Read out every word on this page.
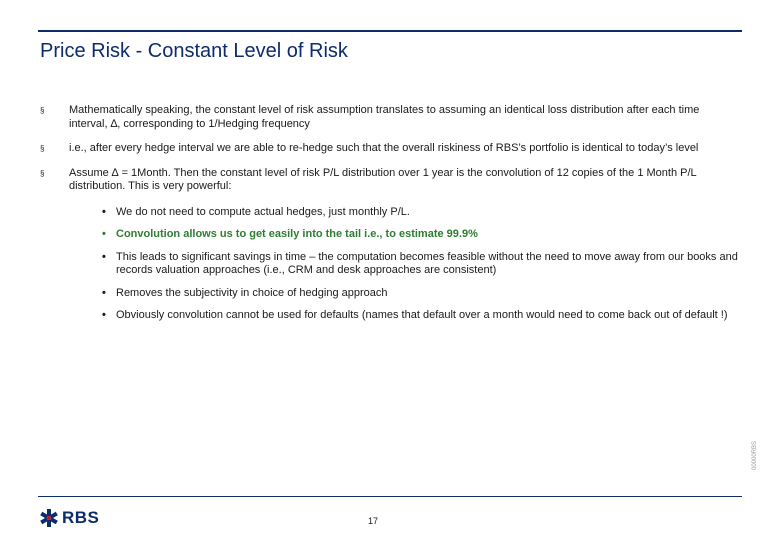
Price Risk - Constant Level of Risk
§ Mathematically speaking, the constant level of risk assumption translates to assuming an identical loss distribution after each time interval, ∆, corresponding to 1/Hedging frequency
§ i.e., after every hedge interval we are able to re-hedge such that the overall riskiness of RBS’s portfolio is identical to today’s level
§ Assume ∆ = 1Month. Then the constant level of risk P/L distribution over 1 year is the convolution of 12 copies of the 1 Month P/L distribution. This is very powerful:
• We do not need to compute actual hedges, just monthly P/L.
• Convolution allows us to get easily into the tail i.e., to estimate 99.9%
• This leads to significant savings in time – the computation becomes feasible without the need to move away from our books and records valuation approaches (i.e., CRM and desk approaches are consistent)
• Removes the subjectivity in choice of hedging approach
• Obviously convolution cannot be used for defaults (names that default over a month would need to come back out of default !)
00000RBS
RBS	17
